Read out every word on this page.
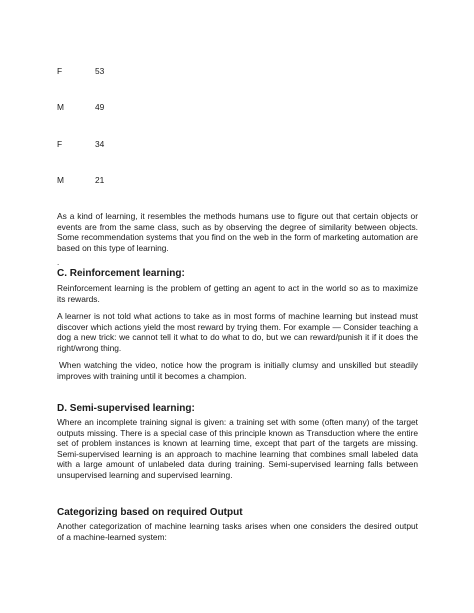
F	53
M	49
F	34
M	21
As a kind of learning, it resembles the methods humans use to figure out that certain objects or events are from the same class, such as by observing the degree of similarity between objects. Some recommendation systems that you find on the web in the form of marketing automation are based on this type of learning.
.
C. Reinforcement learning:
Reinforcement learning is the problem of getting an agent to act in the world so as to maximize its rewards.
A learner is not told what actions to take as in most forms of machine learning but instead must discover which actions yield the most reward by trying them. For example — Consider teaching a dog a new trick: we cannot tell it what to do what to do, but we can reward/punish it if it does the right/wrong thing.
When watching the video, notice how the program is initially clumsy and unskilled but steadily improves with training until it becomes a champion.
D. Semi-supervised learning:
Where an incomplete training signal is given: a training set with some (often many) of the target outputs missing. There is a special case of this principle known as Transduction where the entire set of problem instances is known at learning time, except that part of the targets are missing. Semi-supervised learning is an approach to machine learning that combines small labeled data with a large amount of unlabeled data during training. Semi-supervised learning falls between unsupervised learning and supervised learning.
Categorizing based on required Output
Another categorization of machine learning tasks arises when one considers the desired output of a machine-learned system:
